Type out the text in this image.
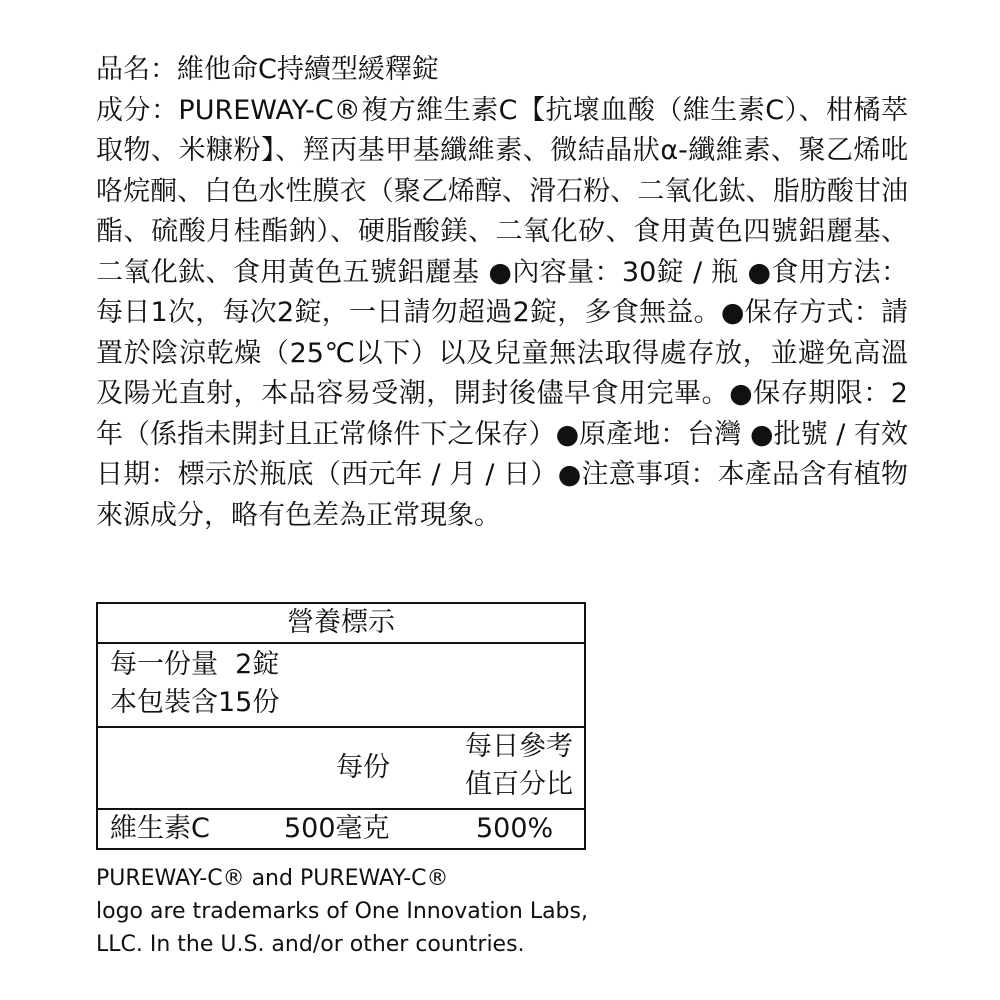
品名：維他命C持續型緩釋錠
成分：PUREWAY-C®複方維生素C【抗壞血酸（維生素C）、柑橘萃取物、米糠粉】、羥丙基甲基纖維素、微結晶狀α-纖維素、聚乙烯吡咯烷酮、白色水性膜衣（聚乙烯醇、滑石粉、二氧化鈦、脂肪酸甘油酯、硫酸月桂酯鈉）、硬脂酸鎂、二氧化矽、食用黃色四號鋁麗基、二氧化鈦、食用黃色五號鋁麗基 ●內容量：30錠 / 瓶 ●食用方法：每日1次，每次2錠，一日請勿超過2錠，多食無益。●保存方式：請置於陰涼乾燥（25℃以下）以及兒童無法取得處存放，並避免高溫及陽光直射，本品容易受潮，開封後儘早食用完畢。●保存期限：2年（係指未開封且正常條件下之保存）●原產地：台灣 ●批號 / 有效日期：標示於瓶底（西元年 / 月 / 日）●注意事項：本產品含有植物來源成分，略有色差為正常現象。
營養標示
每一份量  2錠
本包裝含15份
每份
每日參考
值百分比
維生素C	500毫克	500%
PUREWAY-C® and PUREWAY-C®
logo are trademarks of One Innovation Labs,
LLC. In the U.S. and/or other countries.
